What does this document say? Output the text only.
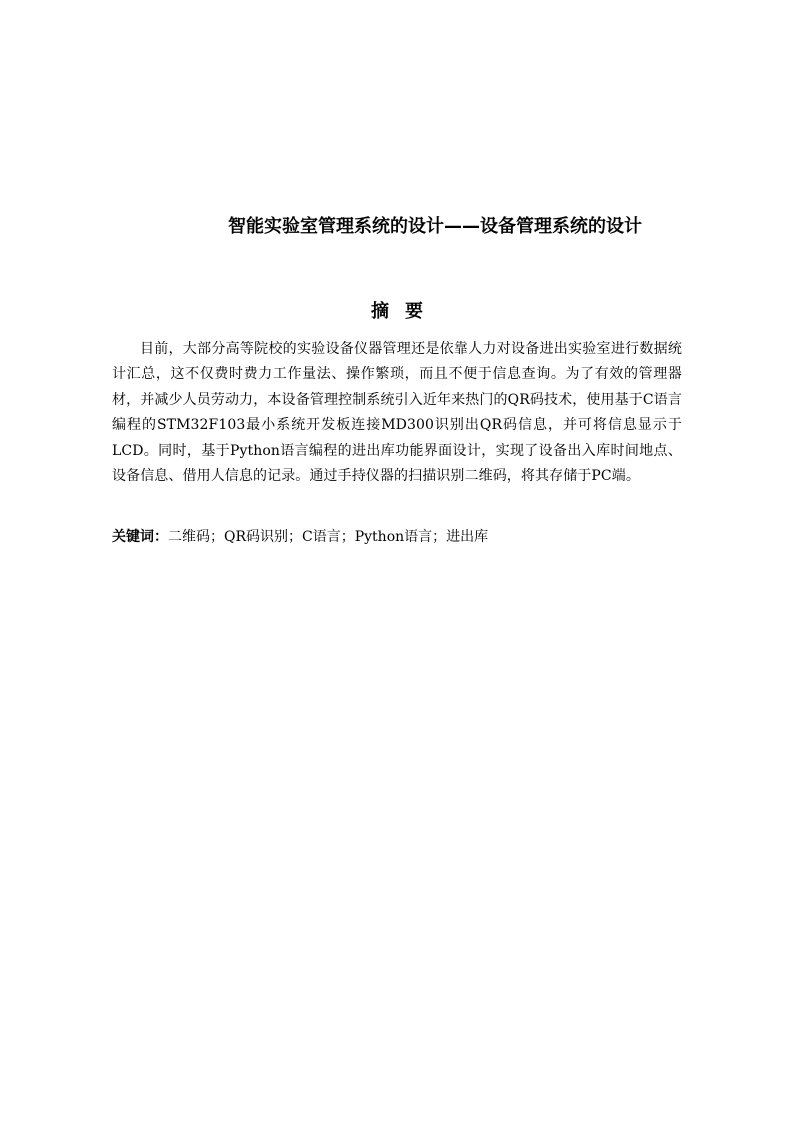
智能实验室管理系统的设计——设备管理系统的设计
摘要

目前，大部分高等院校的实验设备仪器管理还是依靠人力对设备进出实验室进行数据统计汇总，这不仅费时费力工作量法、操作繁琐，而且不便于信息查询。为了有效的管理器材，并减少人员劳动力，本设备管理控制系统引入近年来热门的QR码技术，使用基于C语言编程的STM32F103最小系统开发板连接MD300识别出QR码信息，并可将信息显示于LCD。同时，基于Python语言编程的进出库功能界面设计，实现了设备出入库时间地点、设备信息、借用人信息的记录。通过手持仪器的扫描识别二维码，将其存储于PC端。

关键词：二维码；QR码识别；C语言；Python语言；进出库
